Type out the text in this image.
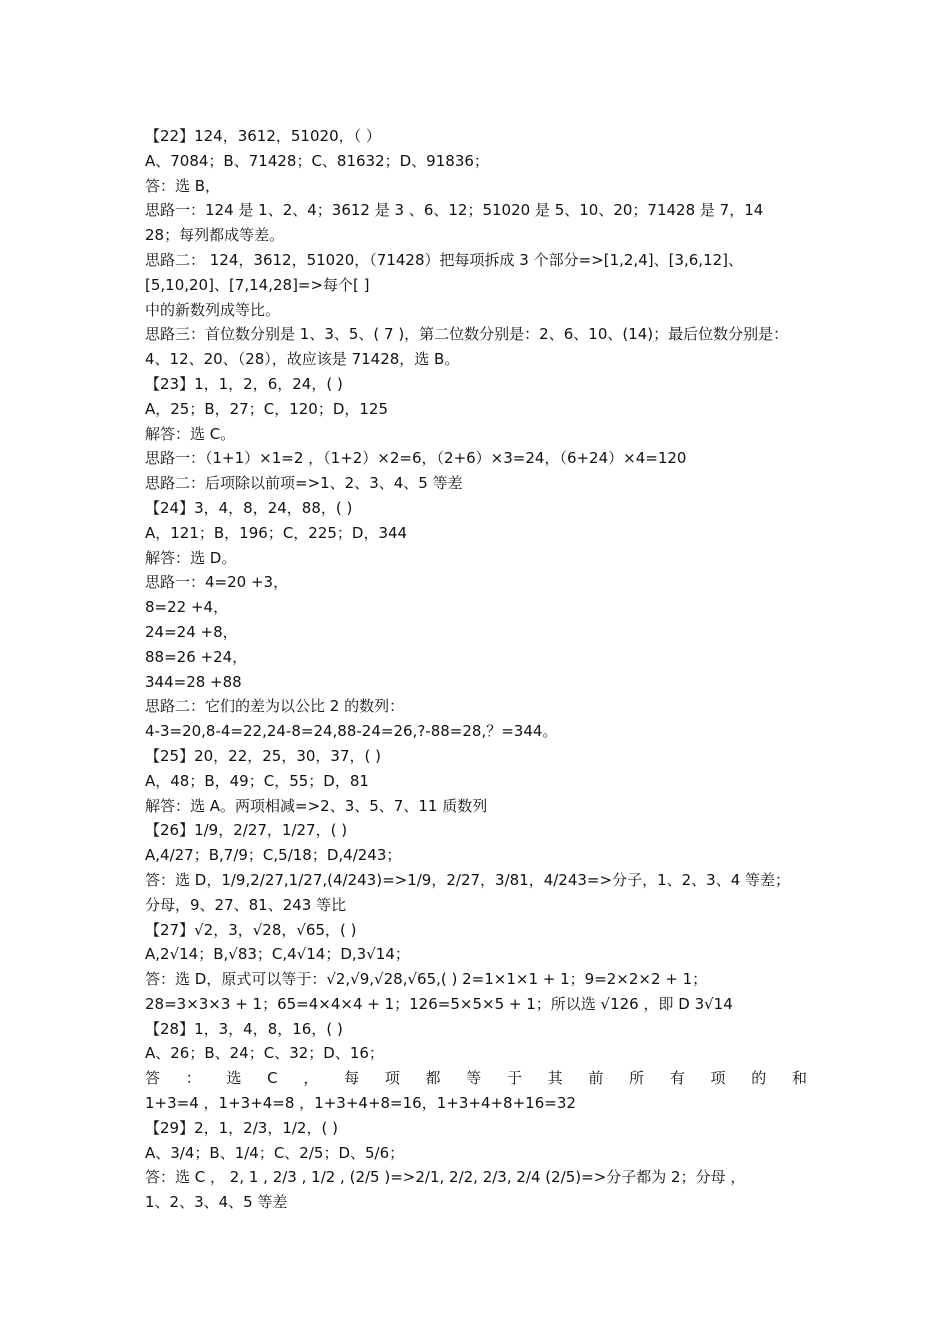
【22】124，3612，51020，（ ）
A、7084；B、71428；C、81632；D、91836；
答：选 B，
思路一：124 是 1、2、4；3612 是 3 、6、12；51020 是 5、10、20；71428 是 7，14
28；每列都成等差。
思路二： 124，3612，51020，（71428）把每项拆成 3 个部分=>[1,2,4]、[3,6,12]、
[5,10,20]、[7,14,28]=>每个[ ]
中的新数列成等比。
思路三：首位数分别是 1、3、5、( 7 )，第二位数分别是：2、6、10、(14)；最后位数分别是：
4、12、20、（28），故应该是 71428，选 B。
【23】1，1，2，6，24，( )
A，25；B，27；C，120；D，125
解答：选 C。
思路一：（1+1）×1=2 ，（1+2）×2=6，（2+6）×3=24，（6+24）×4=120
思路二：后项除以前项=>1、2、3、4、5 等差
【24】3，4，8，24，88，( )
A，121；B，196；C，225；D，344
解答：选 D。
思路一：4=20 +3，
8=22 +4，
24=24 +8，
88=26 +24，
344=28 +88
思路二：它们的差为以公比 2 的数列：
4-3=20,8-4=22,24-8=24,88-24=26,?-88=28,？=344。
【25】20，22，25，30，37，( )
A，48；B，49；C，55；D，81
解答：选 A。两项相减=>2、3、5、7、11 质数列
【26】1/9，2/27，1/27，( )
A,4/27；B,7/9；C,5/18；D,4/243；
答：选 D，1/9,2/27,1/27,(4/243)=>1/9，2/27，3/81，4/243=>分子，1、2、3、4 等差；
分母，9、27、81、243 等比
【27】√2，3，√28，√65，( )
A,2√14；B,√83；C,4√14；D,3√14；
答：选 D，原式可以等于：√2,√9,√28,√65,( ) 2=1×1×1 + 1；9=2×2×2 + 1；
28=3×3×3 + 1；65=4×4×4 + 1；126=5×5×5 + 1；所以选 √126 ，即 D 3√14
【28】1，3，4，8，16，( )
A、26；B、24；C、32；D、16；
答 ： 选 C ， 每 项 都 等 于 其 前 所 有 项 的 和
1+3=4 ，1+3+4=8 ，1+3+4+8=16，1+3+4+8+16=32
【29】2，1，2/3，1/2，( )
A、3/4；B、1/4；C、2/5；D、5/6；
答：选 C ， 2, 1 , 2/3 , 1/2 , (2/5 )=>2/1, 2/2, 2/3, 2/4 (2/5)=>分子都为 2；分母 ，
1、2、3、4、5 等差
